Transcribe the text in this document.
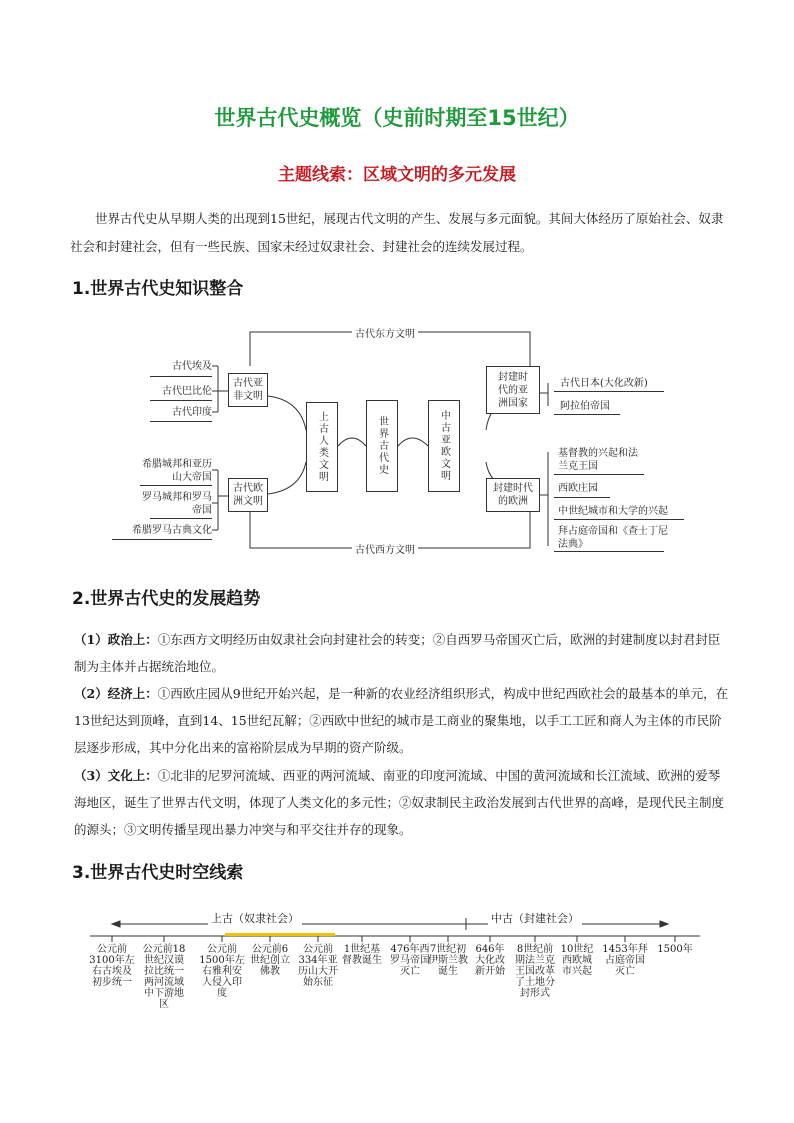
世界古代史概览（史前时期至15世纪）
主题线索：区域文明的多元发展
世界古代史从早期人类的出现到15世纪，展现古代文明的产生、发展与多元面貌。其间大体经历了原始社会、奴隶社会和封建社会，但有一些民族、国家未经过奴隶社会、封建社会的连续发展过程。
1.世界古代史知识整合
古代东方文明
古代西方文明
古代亚非文明
古代欧洲文明
上古人类文明	世界古代史	中古亚欧文明
封建时代的亚洲国家
封建时代的欧洲
古代埃及
古代巴比伦
古代印度
希腊城邦和亚历山大帝国
罗马城邦和罗马帝国
希腊罗马古典文化
古代日本(大化改新)
阿拉伯帝国
基督教的兴起和法兰克王国
西欧庄园
中世纪城市和大学的兴起
拜占庭帝国和《查士丁尼法典》
2.世界古代史的发展趋势
（1）政治上：①东西方文明经历由奴隶社会向封建社会的转变；②自西罗马帝国灭亡后，欧洲的封建制度以封君封臣制为主体并占据统治地位。
（2）经济上：①西欧庄园从9世纪开始兴起，是一种新的农业经济组织形式，构成中世纪西欧社会的最基本的单元，在13世纪达到顶峰，直到14、15世纪瓦解；②西欧中世纪的城市是工商业的聚集地，以手工工匠和商人为主体的市民阶层逐步形成，其中分化出来的富裕阶层成为早期的资产阶级。
（3）文化上：①北非的尼罗河流域、西亚的两河流域、南亚的印度河流域、中国的黄河流域和长江流域、欧洲的爱琴海地区，诞生了世界古代文明，体现了人类文化的多元性；②奴隶制民主政治发展到古代世界的高峰，是现代民主制度的源头；③文明传播呈现出暴力冲突与和平交往并存的现象。
3.世界古代史时空线索
上古（奴隶社会）	中古（封建社会）
公元前3100年左右古埃及初步统一
公元前18世纪汉谟拉比统一两河流域中下游地区
公元前1500年左右雅利安人侵入印度
公元前6世纪创立佛教
公元前334年亚历山大开始东征
1世纪基督教诞生
476年西罗马帝国灭亡
7世纪初伊斯兰教诞生
646年大化改新开始
8世纪前期法兰克王国改革了土地分封形式
10世纪西欧城市兴起
1453年拜占庭帝国灭亡
1500年
